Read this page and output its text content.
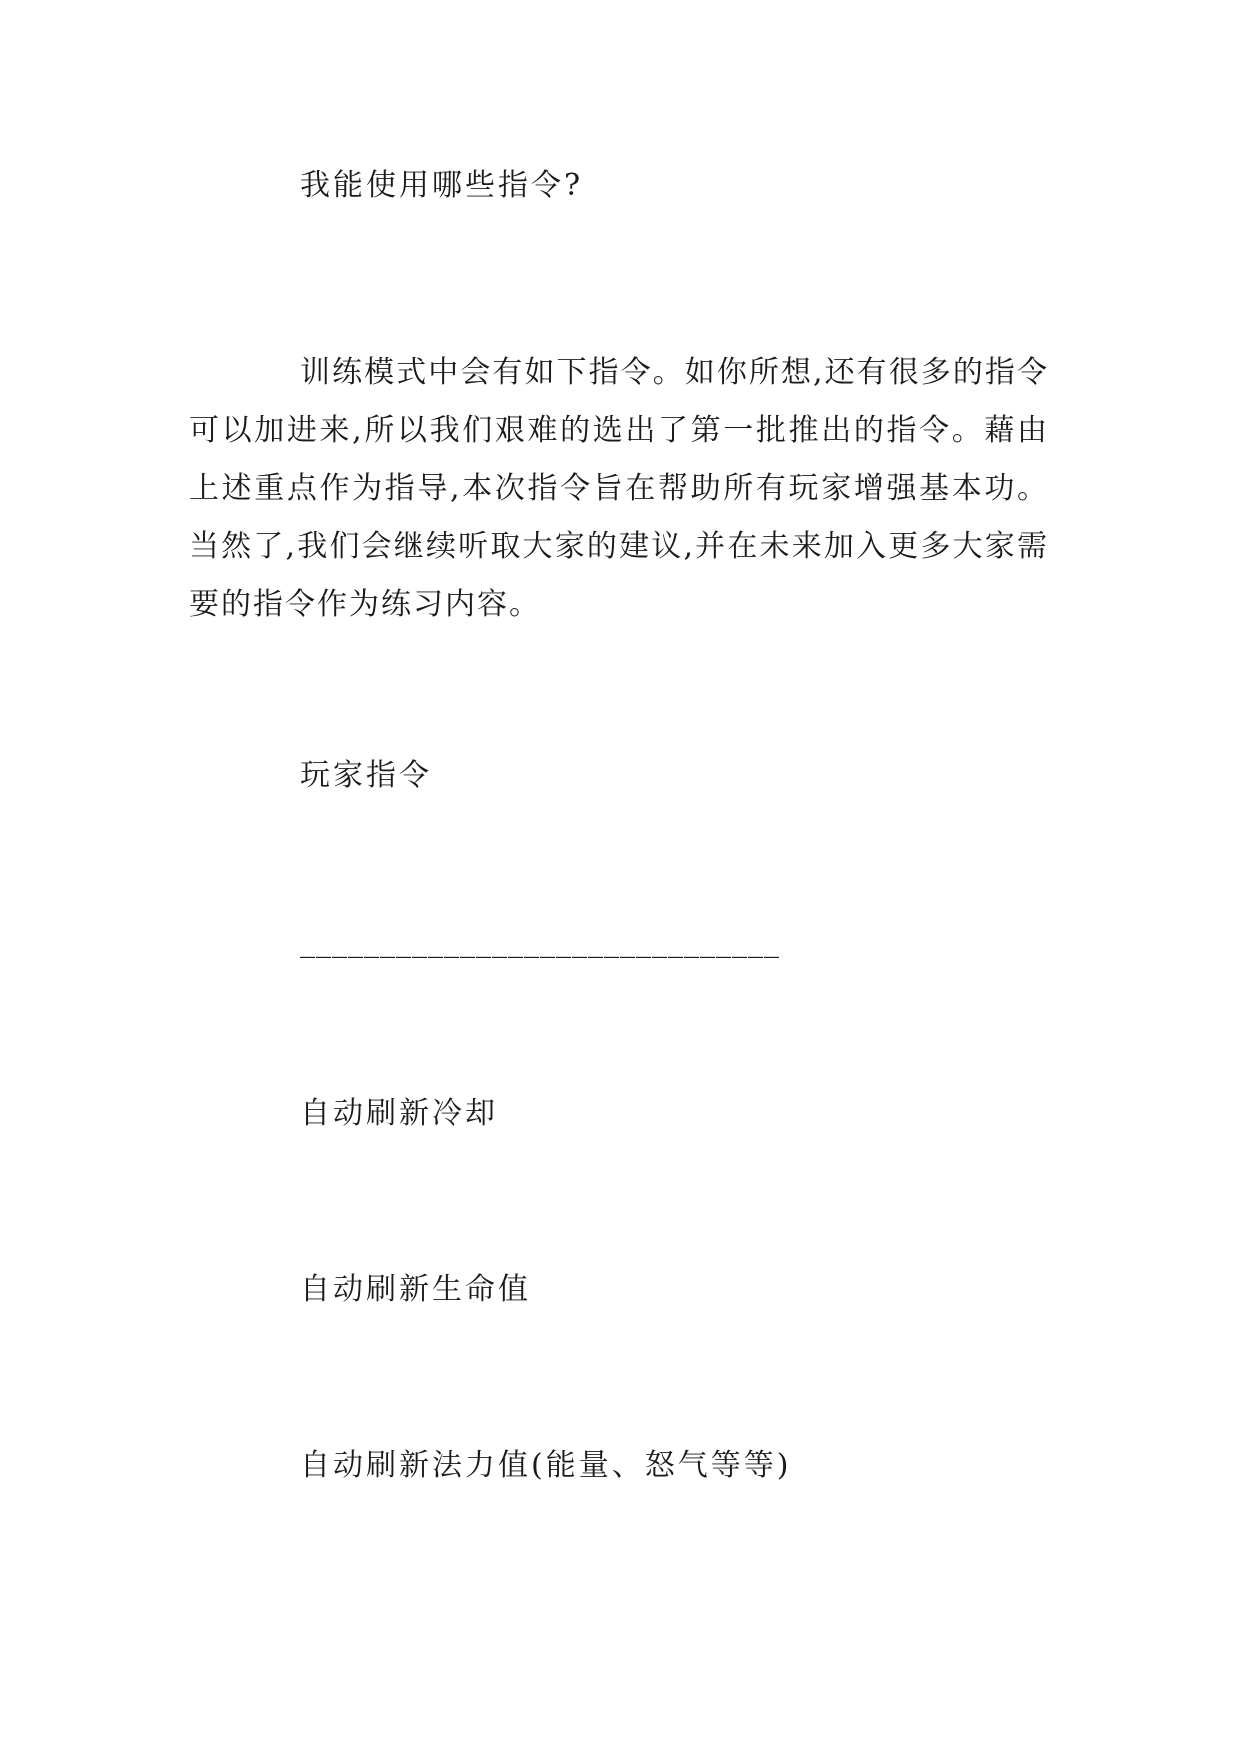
我能使用哪些指令?

训练模式中会有如下指令。如你所想,还有很多的指令可以加进来,所以我们艰难的选出了第一批推出的指令。藉由上述重点作为指导,本次指令旨在帮助所有玩家增强基本功。当然了,我们会继续听取大家的建议,并在未来加入更多大家需要的指令作为练习内容。

玩家指令
______________________________
自动刷新冷却
自动刷新生命值
自动刷新法力值(能量、怒气等等)
